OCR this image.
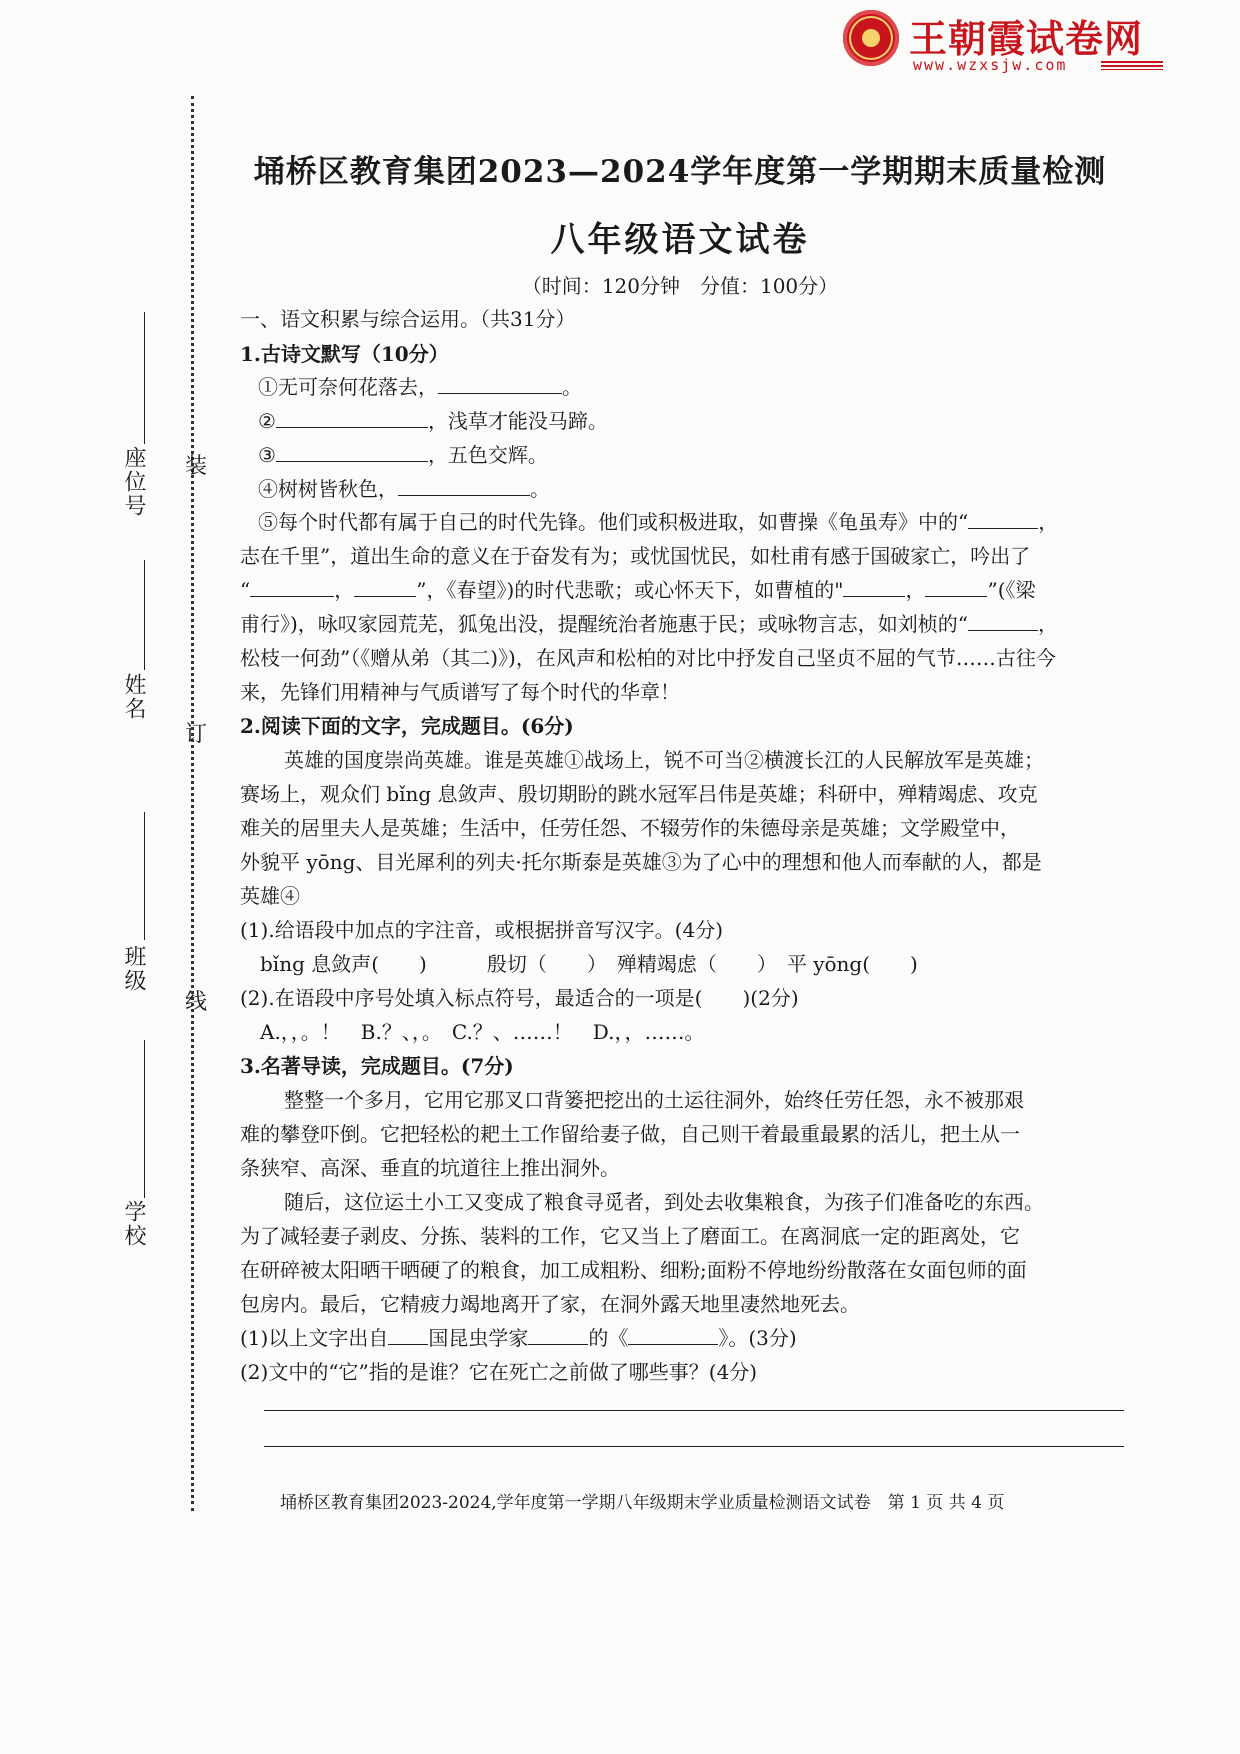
王朝霞试卷网
www.wzxsjw.com
装
订
线
座位号
姓名
班级
学校
埇桥区教育集团2023—2024学年度第一学期期末质量检测
八年级语文试卷
（时间：120分钟　分值：100分）
一、语文积累与综合运用。（共31分）
1.古诗文默写（10分）
①无可奈何花落去，	。
②	，浅草才能没马蹄。
③	，五色交辉。
④树树皆秋色，	。
⑤每个时代都有属于自己的时代先锋。他们或积极进取，如曹操《龟虽寿》中的“	，
志在千里”，道出生命的意义在于奋发有为；或忧国忧民，如杜甫有感于国破家亡，吟出了
“	，	”，《春望》)的时代悲歌；或心怀天下，如曹植的"	，	”(《梁
甫行》)，咏叹家园荒芜，狐兔出没，提醒统治者施惠于民；或咏物言志，如刘桢的“	，
松枝一何劲”（《赠从弟（其二)》)，在风声和松柏的对比中抒发自己坚贞不屈的气节……古往今
来，先锋们用精神与气质谱写了每个时代的华章！
2.阅读下面的文字，完成题目。(6分)
英雄的国度崇尚英雄。谁是英雄①战场上，锐不可当②横渡长江的人民解放军是英雄；
赛场上，观众们 bǐng 息敛声、殷切期盼的跳水冠军吕伟是英雄；科研中，殚精竭虑、攻克
难关的居里夫人是英雄；生活中，任劳任怨、不辍劳作的朱德母亲是英雄；文学殿堂中，
外貌平 yōng、目光犀利的列夫·托尔斯泰是英雄③为了心中的理想和他人而奉献的人，都是
英雄④
(1).给语段中加点的字注音，或根据拼音写汉字。(4分)
bǐng 息敛声(　　)　　　殷切（　　）　殚精竭虑（　　）　平 yōng(　　)
(2).在语段中序号处填入标点符号，最适合的一项是(　　)(2分)
A.，，。！　B.？、，。　C.？、……！　D.，，……。
3.名著导读，完成题目。(7分)
整整一个多月，它用它那叉口背篓把挖出的土运往洞外，始终任劳任怨，永不被那艰
难的攀登吓倒。它把轻松的耙土工作留给妻子做，自己则干着最重最累的活儿，把土从一
条狭窄、高深、垂直的坑道往上推出洞外。
随后，这位运土小工又变成了粮食寻觅者，到处去收集粮食，为孩子们准备吃的东西。
为了减轻妻子剥皮、分拣、装料的工作，它又当上了磨面工。在离洞底一定的距离处，它
在研碎被太阳晒干晒硬了的粮食，加工成粗粉、细粉;面粉不停地纷纷散落在女面包师的面
包房内。最后，它精疲力竭地离开了家，在洞外露天地里凄然地死去。
(1)以上文字出自 国昆虫学家	的《	》。(3分)
(2)文中的“它”指的是谁？它在死亡之前做了哪些事？(4分)
埇桥区教育集团2023-2024,学年度第一学期八年级期末学业质量检测语文试卷　第 1 页 共 4 页
